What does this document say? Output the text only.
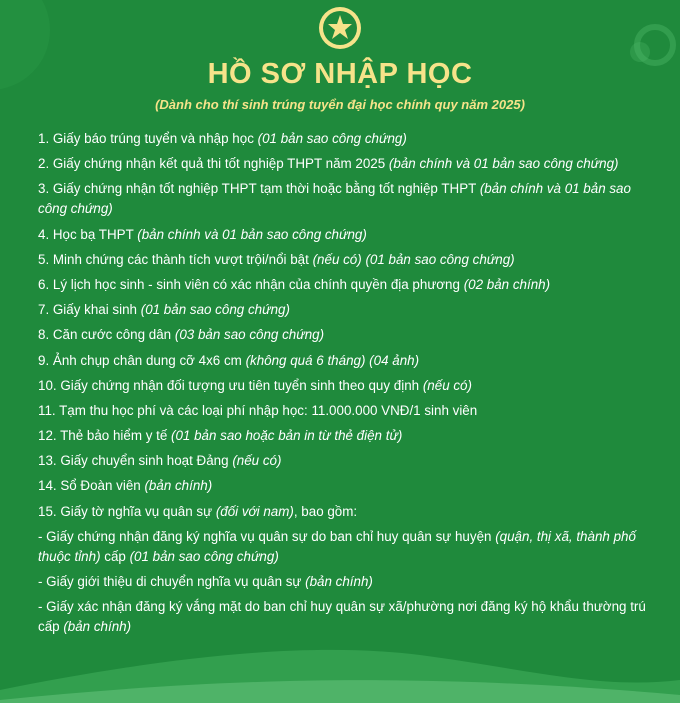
HỒ SƠ NHẬP HỌC
(Dành cho thí sinh trúng tuyển đại học chính quy năm 2025)
1. Giấy báo trúng tuyển và nhập học (01 bản sao công chứng)
2. Giấy chứng nhận kết quả thi tốt nghiệp THPT năm 2025 (bản chính và 01 bản sao công chứng)
3. Giấy chứng nhận tốt nghiệp THPT tạm thời hoặc bằng tốt nghiệp THPT (bản chính và 01 bản sao công chứng)
4. Học bạ THPT (bản chính và 01 bản sao công chứng)
5. Minh chứng các thành tích vượt trội/nổi bật (nếu có) (01 bản sao công chứng)
6. Lý lịch học sinh - sinh viên có xác nhận của chính quyền địa phương (02 bản chính)
7. Giấy khai sinh (01 bản sao công chứng)
8. Căn cước công dân (03 bản sao công chứng)
9. Ảnh chụp chân dung cỡ 4x6 cm (không quá 6 tháng) (04 ảnh)
10. Giấy chứng nhận đối tượng ưu tiên tuyển sinh theo quy định (nếu có)
11. Tạm thu học phí và các loại phí nhập học: 11.000.000 VNĐ/1 sinh viên
12. Thẻ bảo hiểm y tế (01 bản sao hoặc bản in từ thẻ điện tử)
13. Giấy chuyển sinh hoạt Đảng (nếu có)
14. Sổ Đoàn viên (bản chính)
15. Giấy tờ nghĩa vụ quân sự (đối với nam), bao gồm:
- Giấy chứng nhận đăng ký nghĩa vụ quân sự do ban chỉ huy quân sự huyện (quận, thị xã, thành phố thuộc tỉnh) cấp (01 bản sao công chứng)
- Giấy giới thiệu di chuyển nghĩa vụ quân sự (bản chính)
- Giấy xác nhận đăng ký vắng mặt do ban chỉ huy quân sự xã/phường nơi đăng ký hộ khẩu thường trú cấp (bản chính)
